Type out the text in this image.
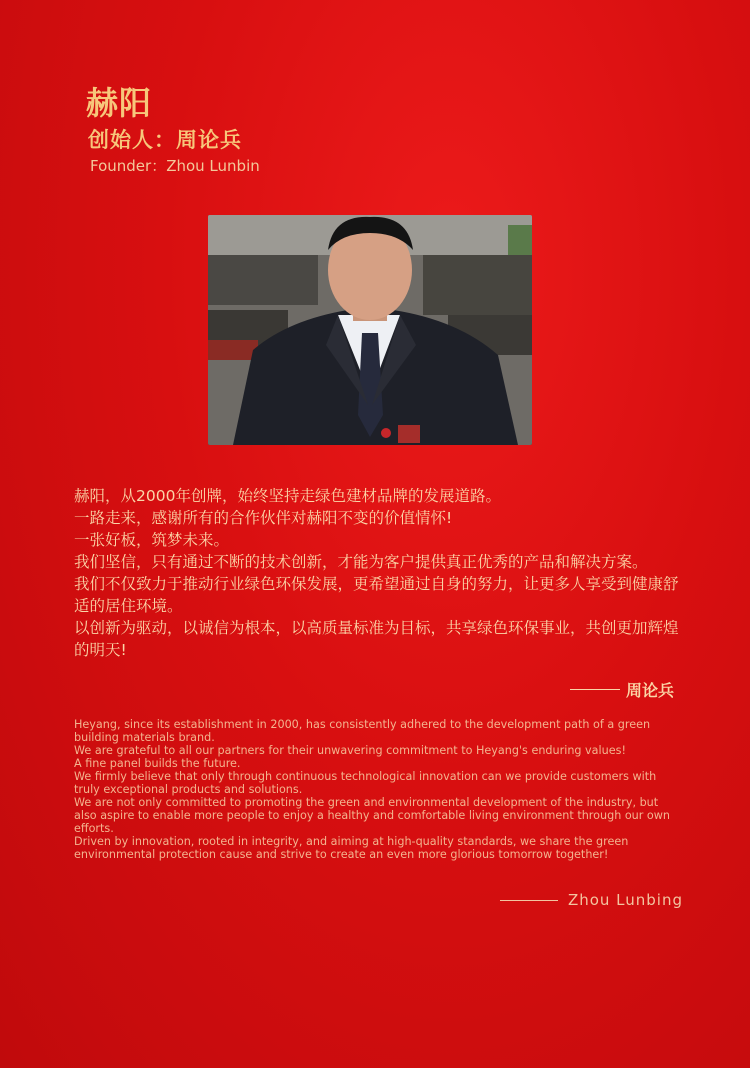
赫阳
创始人：周论兵
Founder：Zhou Lunbin

赫阳，从2000年创牌，始终坚持走绿色建材品牌的发展道路。

一路走来，感谢所有的合作伙伴对赫阳不变的价值情怀!

一张好板，筑梦未来。

我们坚信，只有通过不断的技术创新，才能为客户提供真正优秀的产品和解决方案。

我们不仅致力于推动行业绿色环保发展，更希望通过自身的努力，让更多人享受到健康舒适的居住环境。

以创新为驱动，以诚信为根本，以高质量标准为目标，共享绿色环保事业，共创更加辉煌的明天!

周论兵

Heyang, since its establishment in 2000, has consistently adhered to the development path of a green building materials brand.

We are grateful to all our partners for their unwavering commitment to Heyang's enduring values!

A fine panel builds the future.

We firmly believe that only through continuous technological innovation can we provide customers with truly exceptional products and solutions.

We are not only committed to promoting the green and environmental development of the industry, but also aspire to enable more people to enjoy a healthy and comfortable living environment through our own efforts.

Driven by innovation, rooted in integrity, and aiming at high-quality standards, we share the green environmental protection cause and strive to create an even more glorious tomorrow together!

Zhou Lunbing
